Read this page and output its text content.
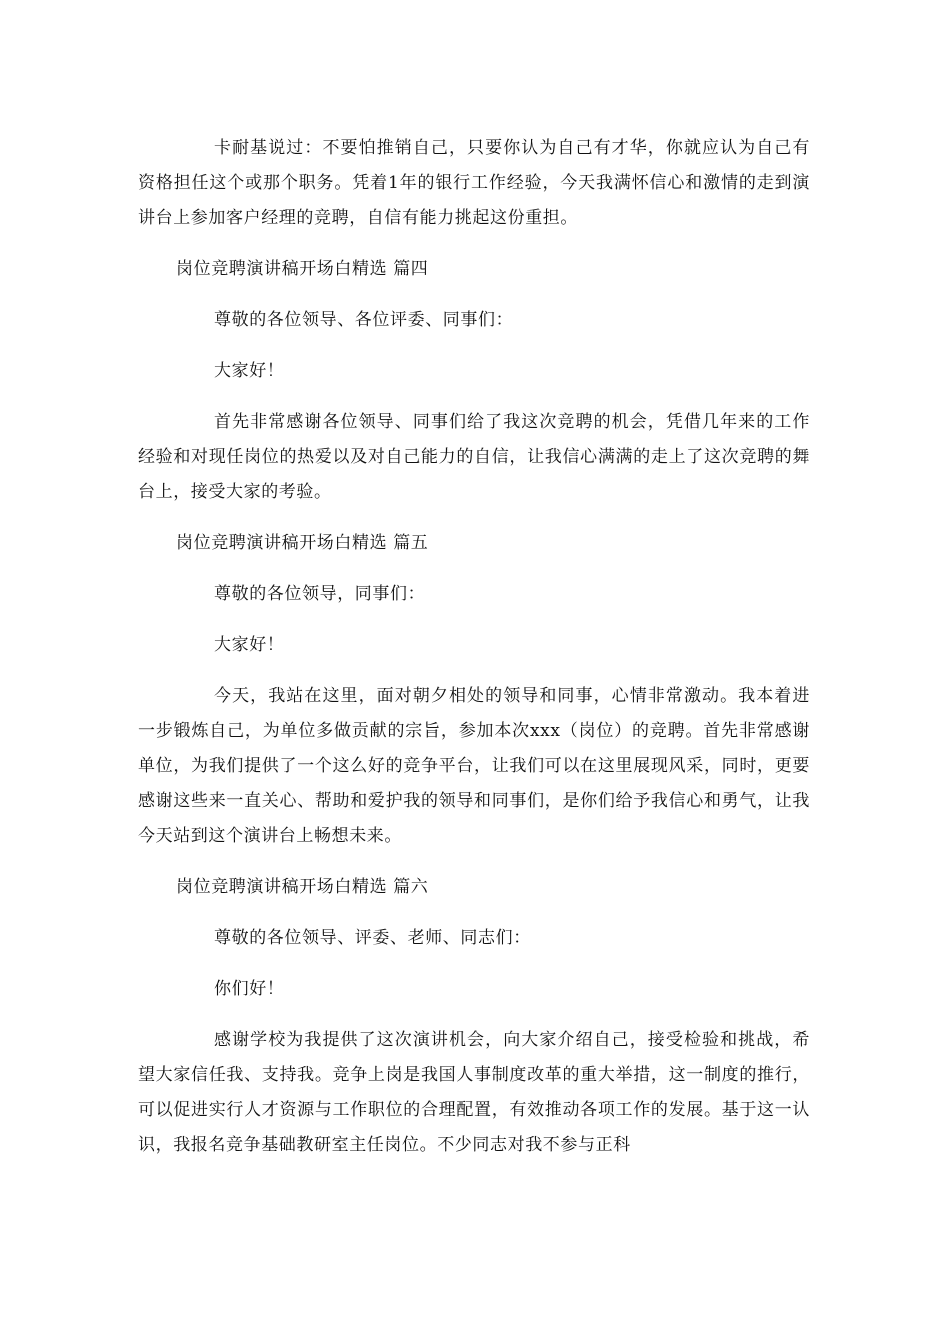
卡耐基说过：不要怕推销自己，只要你认为自己有才华，你就应认为自己有资格担任这个或那个职务。凭着1年的银行工作经验，今天我满怀信心和激情的走到演讲台上参加客户经理的竞聘，自信有能力挑起这份重担。

岗位竞聘演讲稿开场白精选 篇四

尊敬的各位领导、各位评委、同事们：

大家好！

首先非常感谢各位领导、同事们给了我这次竞聘的机会，凭借几年来的工作经验和对现任岗位的热爱以及对自己能力的自信，让我信心满满的走上了这次竞聘的舞台上，接受大家的考验。

岗位竞聘演讲稿开场白精选 篇五

尊敬的各位领导，同事们：

大家好！

今天，我站在这里，面对朝夕相处的领导和同事，心情非常激动。我本着进一步锻炼自己，为单位多做贡献的宗旨，参加本次xxx（岗位）的竞聘。首先非常感谢单位，为我们提供了一个这么好的竞争平台，让我们可以在这里展现风采，同时，更要感谢这些来一直关心、帮助和爱护我的领导和同事们，是你们给予我信心和勇气，让我今天站到这个演讲台上畅想未来。

岗位竞聘演讲稿开场白精选 篇六

尊敬的各位领导、评委、老师、同志们：

你们好！

感谢学校为我提供了这次演讲机会，向大家介绍自己，接受检验和挑战，希望大家信任我、支持我。竞争上岗是我国人事制度改革的重大举措，这一制度的推行，可以促进实行人才资源与工作职位的合理配置，有效推动各项工作的发展。基于这一认识，我报名竞争基础教研室主任岗位。不少同志对我不参与正科
